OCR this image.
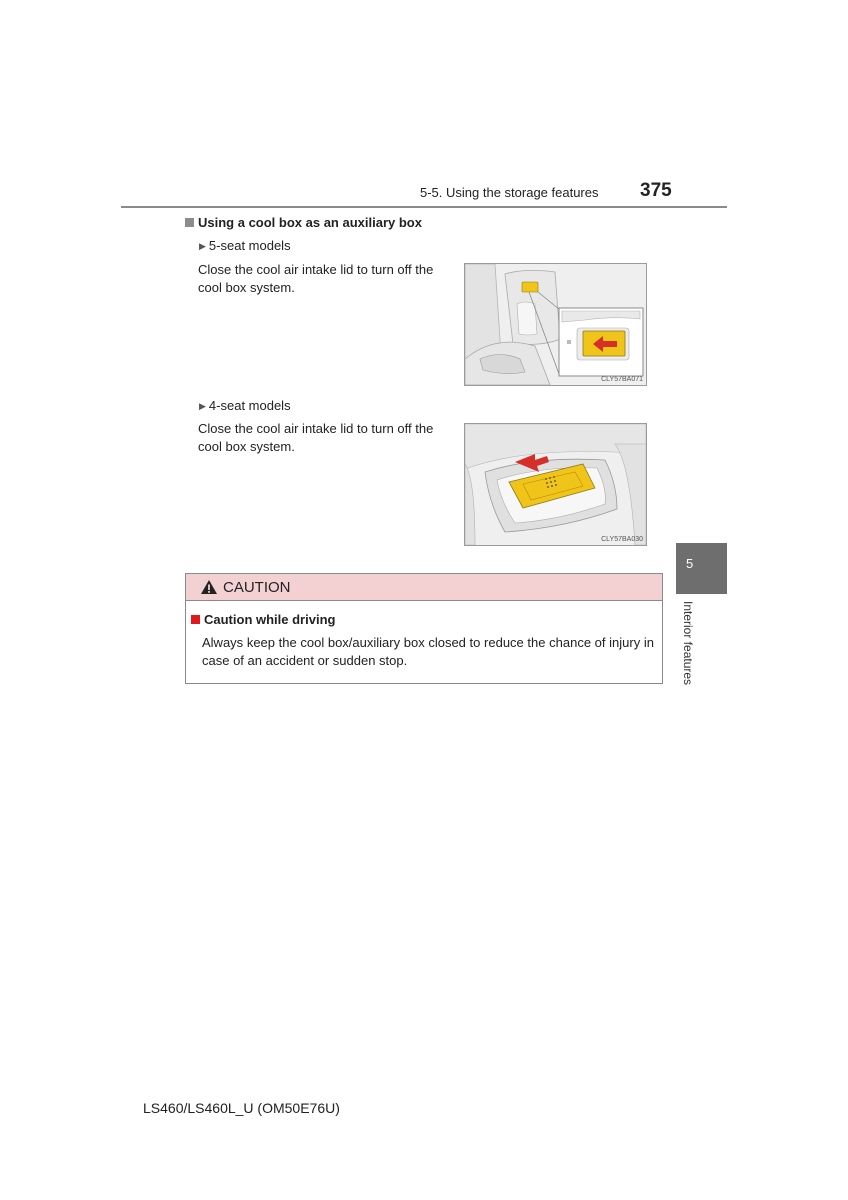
5-5. Using the storage features 375
Using a cool box as an auxiliary box
▶ 5-seat models
Close the cool air intake lid to turn off the cool box system.
CLY57BA071
▶ 4-seat models
Close the cool air intake lid to turn off the cool box system.
CLY57BA030
CAUTION
Caution while driving
Always keep the cool box/auxiliary box closed to reduce the chance of injury in case of an accident or sudden stop.
5
Interior features
LS460/LS460L_U (OM50E76U)
